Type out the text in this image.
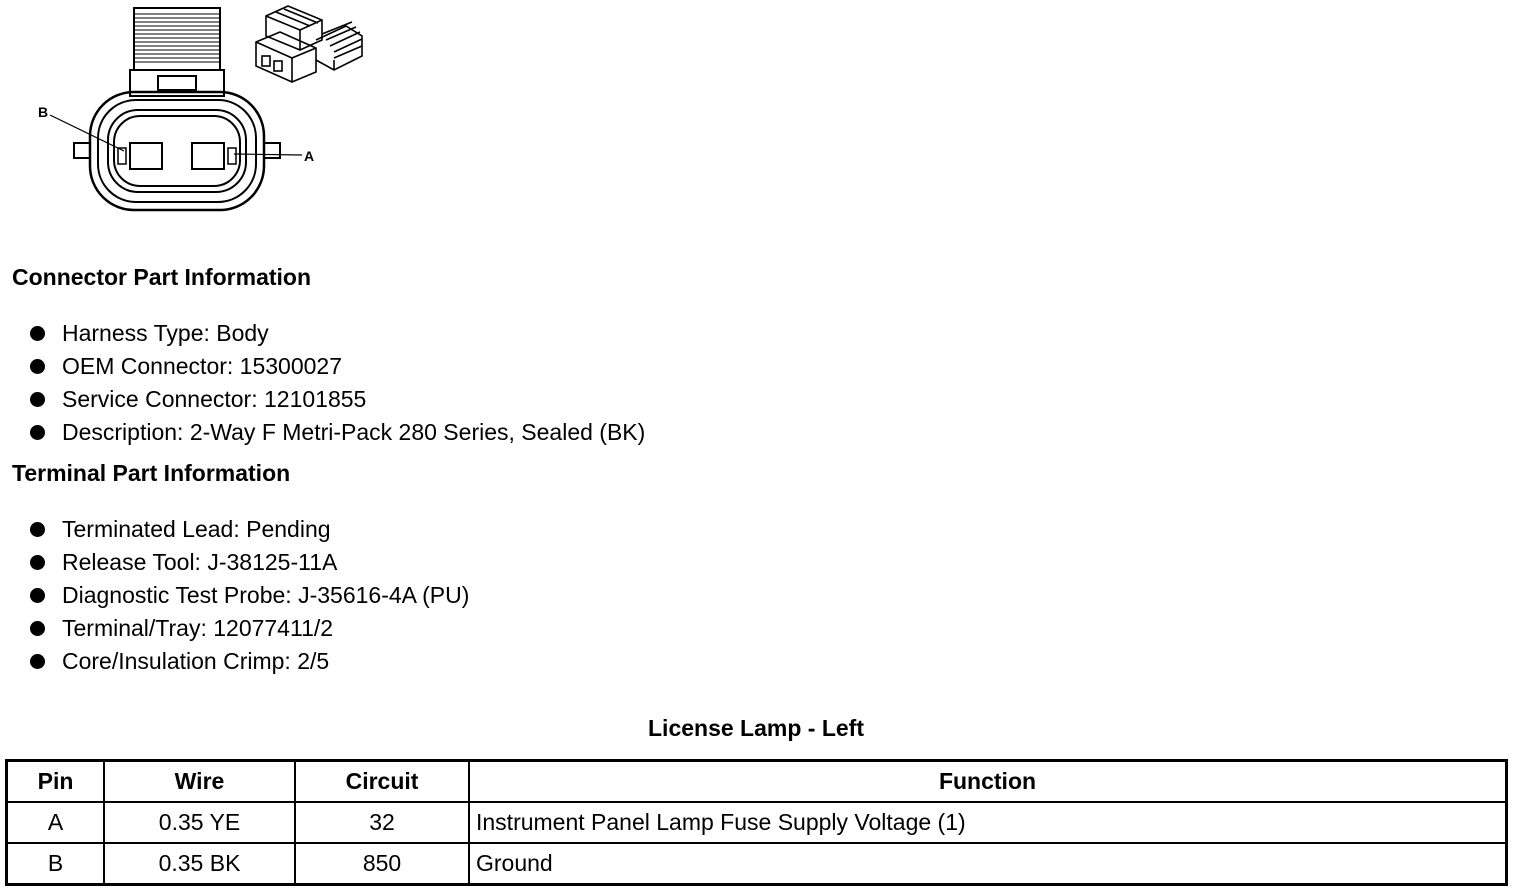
B
A
Connector Part Information
Harness Type: Body
OEM Connector: 15300027
Service Connector: 12101855
Description: 2-Way F Metri-Pack 280 Series, Sealed (BK)
Terminal Part Information
Terminated Lead: Pending
Release Tool: J-38125-11A
Diagnostic Test Probe: J-35616-4A (PU)
Terminal/Tray: 12077411/2
Core/Insulation Crimp: 2/5
License Lamp - Left
Pin	Wire	Circuit	Function
A	0.35 YE	32	Instrument Panel Lamp Fuse Supply Voltage (1)
B	0.35 BK	850	Ground
